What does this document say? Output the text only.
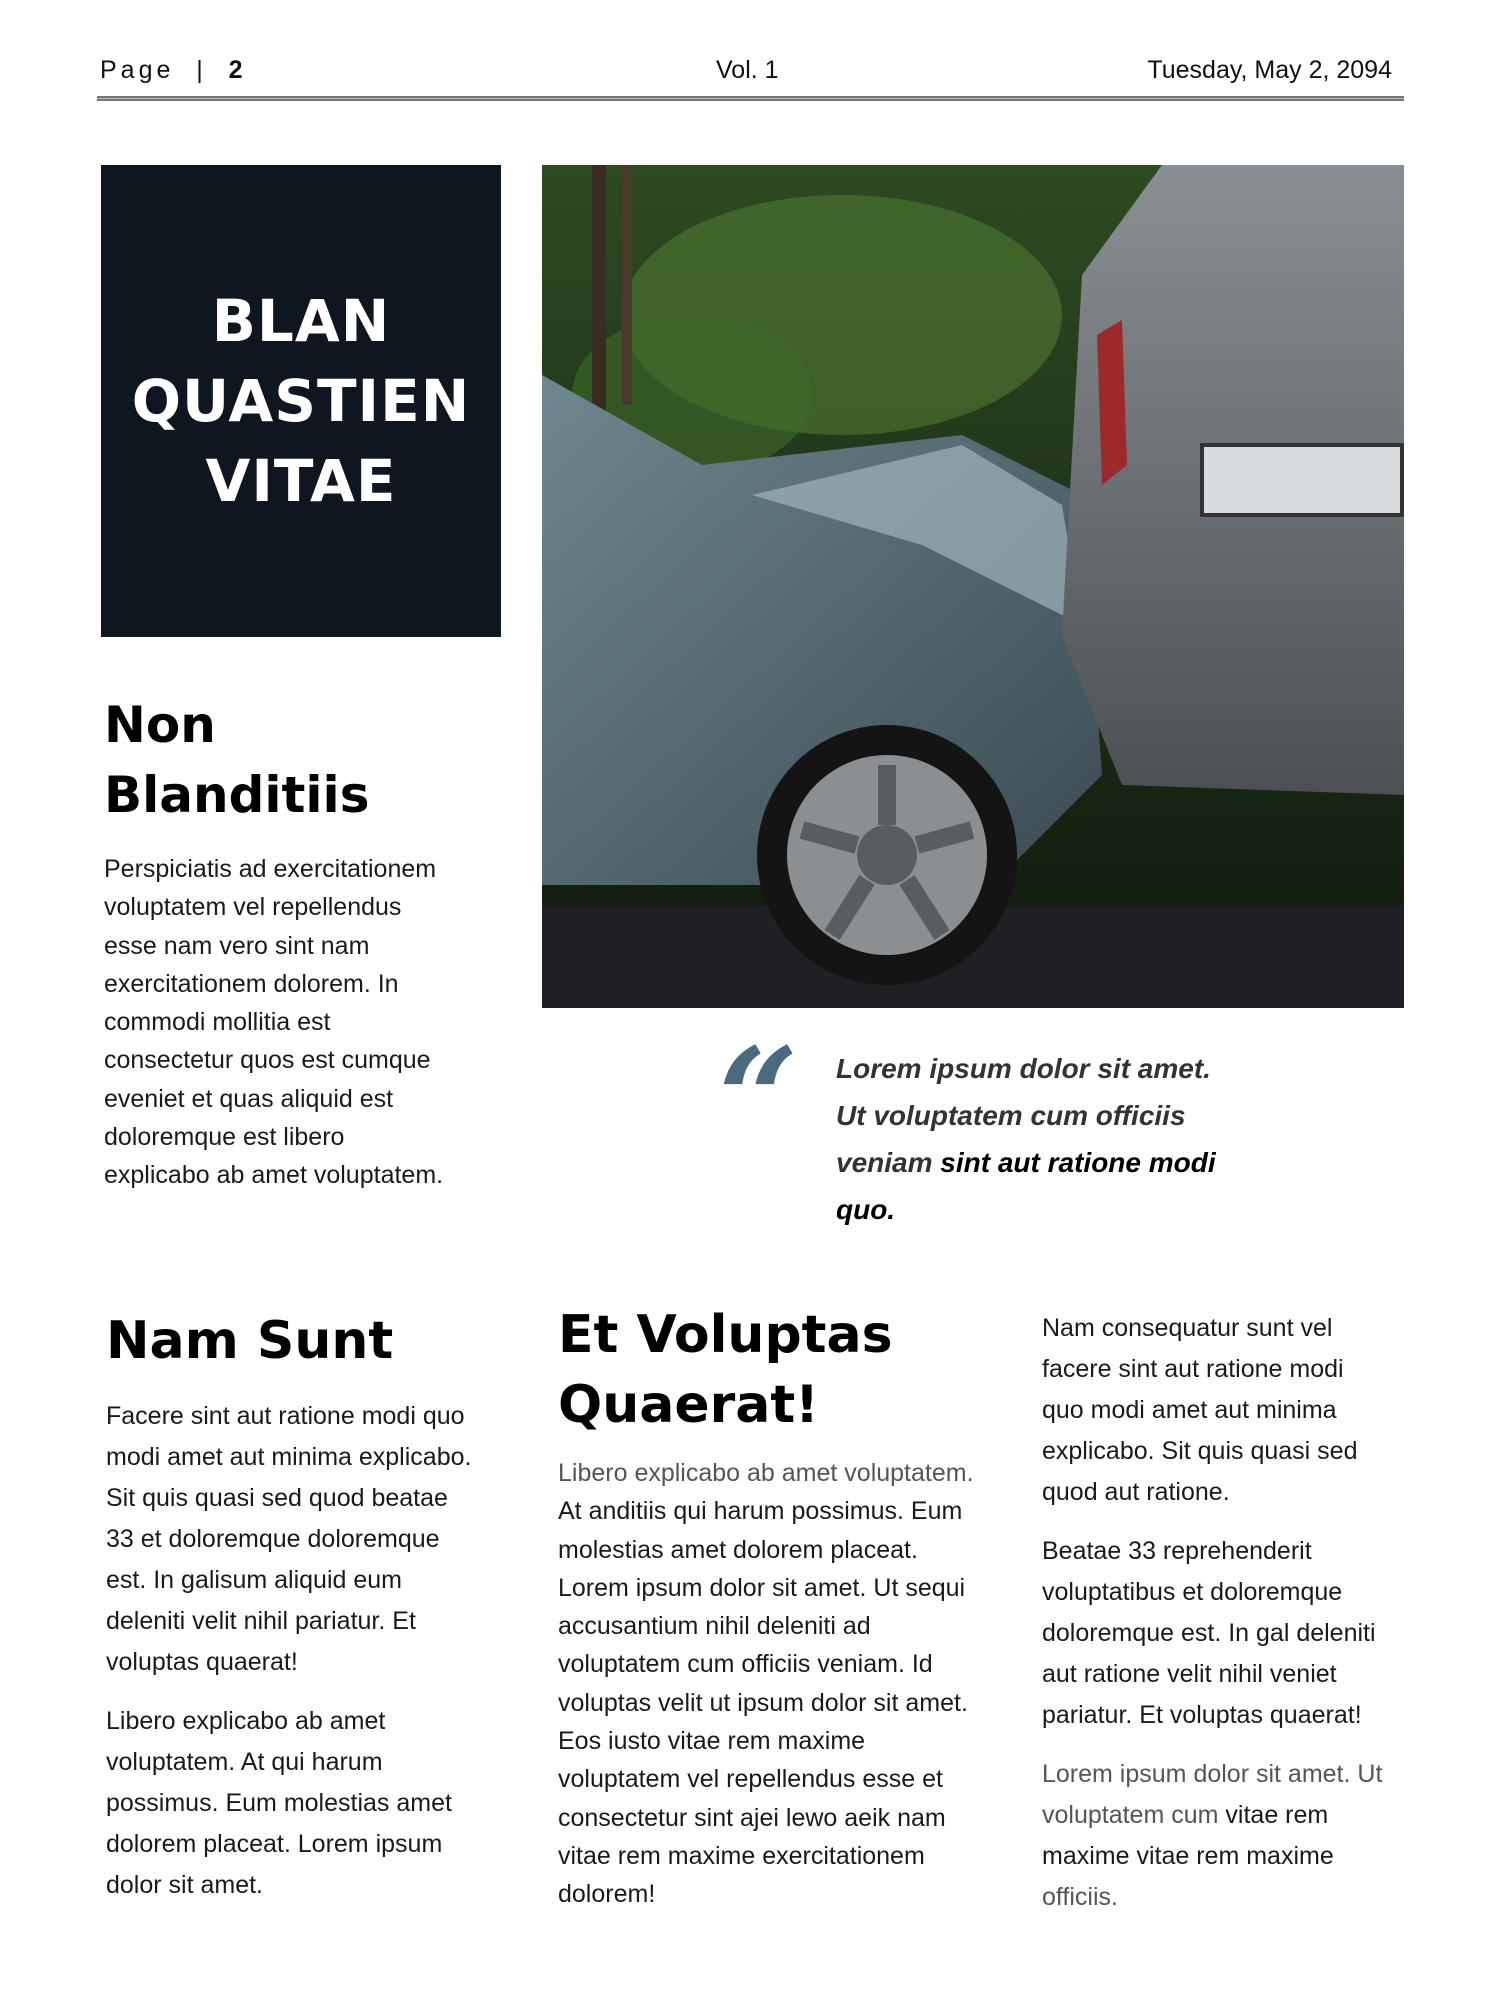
Page  |  2	Vol. 1	Tuesday, May 2, 2094
BLAN
QUASTIEN
VITAE
Non
Blanditiis
Perspiciatis ad exercitationem voluptatem vel repellendus esse nam vero sint nam exercitationem dolorem. In commodi mollitia est consectetur quos est cumque eveniet et quas aliquid est doloremque est libero explicabo ab amet voluptatem. “ Lorem ipsum dolor sit amet. Ut voluptatem cum officiis veniam sint aut ratione modi quo.
Nam Sunt

Facere sint aut ratione modi quo modi amet aut minima explicabo. Sit quis quasi sed quod beatae 33 et doloremque doloremque est. In galisum aliquid eum deleniti velit nihil pariatur. Et voluptas quaerat!

Libero explicabo ab amet voluptatem. At qui harum possimus. Eum molestias amet dolorem placeat. Lorem ipsum dolor sit amet.

Et Voluptas
Quaerat!
Libero explicabo ab amet voluptatem. At anditiis qui harum possimus. Eum molestias amet dolorem placeat. Lorem ipsum dolor sit amet. Ut sequi accusantium nihil deleniti ad voluptatem cum officiis veniam. Id voluptas velit ut ipsum dolor sit amet. Eos iusto vitae rem maxime voluptatem vel repellendus esse et consectetur sint ajei lewo aeik nam vitae rem maxime exercitationem dolorem!

Nam consequatur sunt vel facere sint aut ratione modi quo modi amet aut minima explicabo. Sit quis quasi sed quod aut ratione.

Beatae 33 reprehenderit voluptatibus et doloremque doloremque est. In gal deleniti aut ratione velit nihil veniet pariatur. Et voluptas quaerat!

Lorem ipsum dolor sit amet. Ut voluptatem cum vitae rem maxime vitae rem maxime officiis.
